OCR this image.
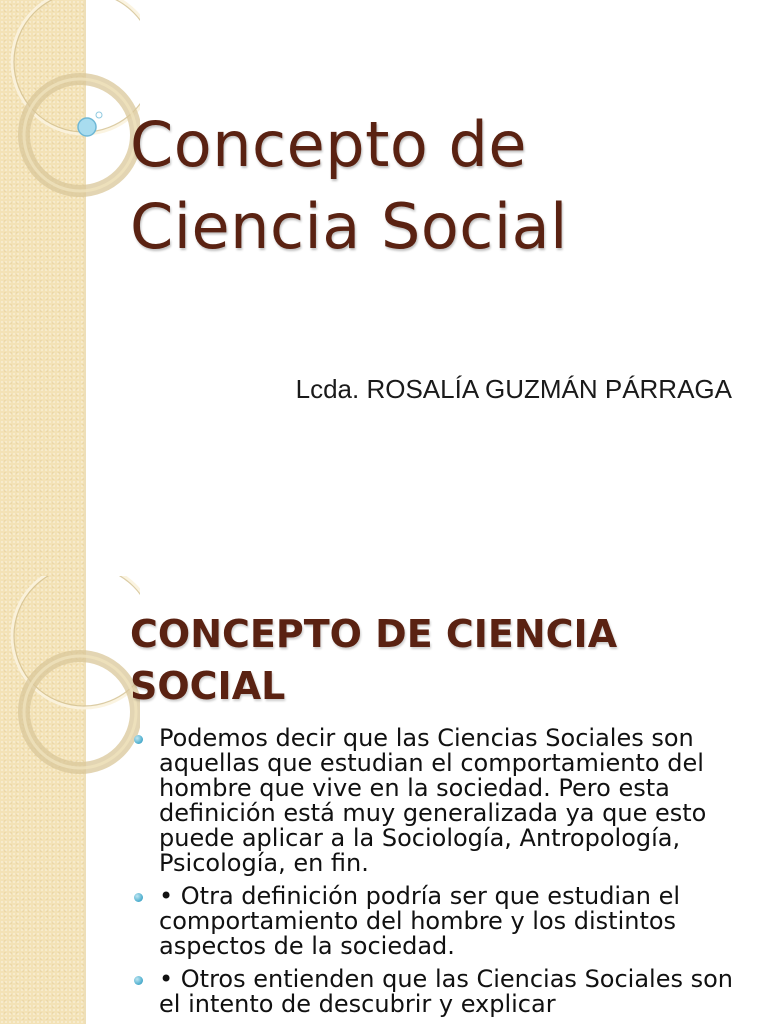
Concepto de
Ciencia Social

Lcda. ROSALÍA GUZMÁN PÁRRAGA

CONCEPTO DE CIENCIA
SOCIAL
Podemos decir que las Ciencias Sociales son aquellas que estudian el comportamiento del hombre que vive en la sociedad. Pero esta definición está muy generalizada ya que esto puede aplicar a la Sociología, Antropología, Psicología, en fin.
• Otra definición podría ser que estudian el comportamiento del hombre y los distintos aspectos de la sociedad.
• Otros entienden que las Ciencias Sociales son el intento de descubrir y explicar
